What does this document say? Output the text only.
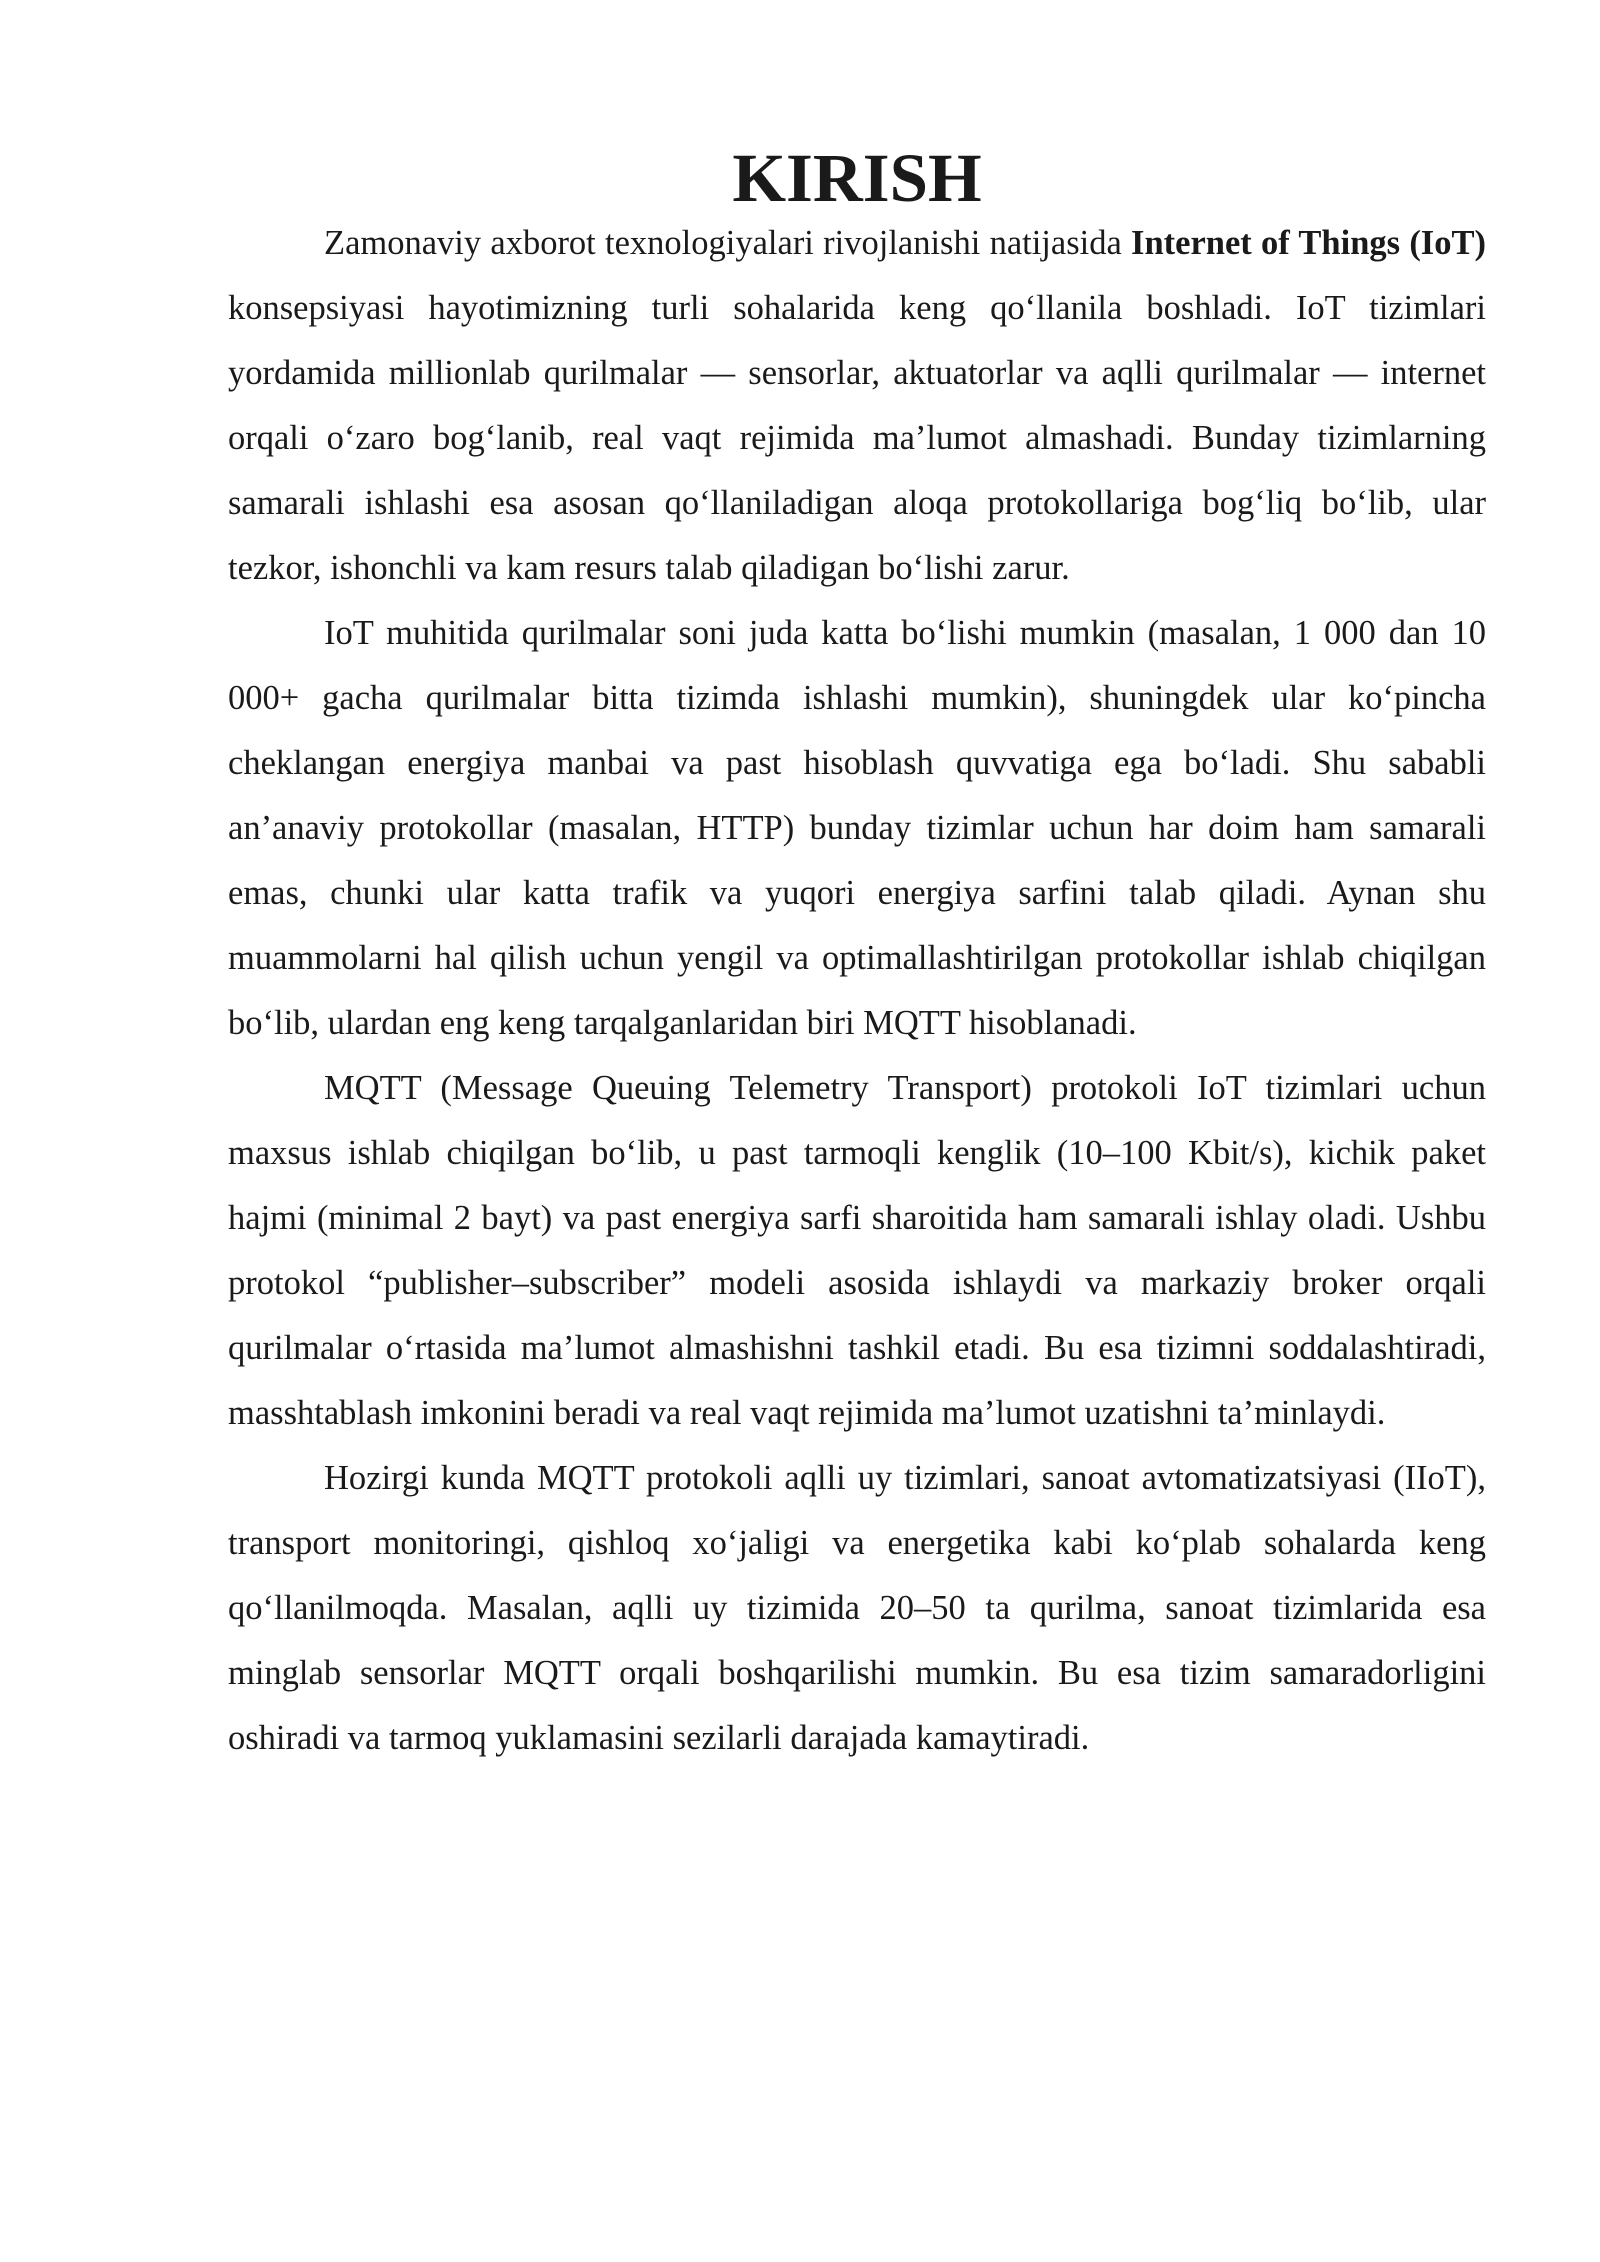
KIRISH

Zamonaviy axborot texnologiyalari rivojlanishi natijasida Internet of Things (IoT) konsepsiyasi hayotimizning turli sohalarida keng qo‘llanila boshladi. IoT tizimlari yordamida millionlab qurilmalar — sensorlar, aktuatorlar va aqlli qurilmalar — internet orqali o‘zaro bog‘lanib, real vaqt rejimida ma’lumot almashadi. Bunday tizimlarning samarali ishlashi esa asosan qo‘llaniladigan aloqa protokollariga bog‘liq bo‘lib, ular tezkor, ishonchli va kam resurs talab qiladigan bo‘lishi zarur.

IoT muhitida qurilmalar soni juda katta bo‘lishi mumkin (masalan, 1 000 dan 10 000+ gacha qurilmalar bitta tizimda ishlashi mumkin), shuningdek ular ko‘pincha cheklangan energiya manbai va past hisoblash quvvatiga ega bo‘ladi. Shu sababli an’anaviy protokollar (masalan, HTTP) bunday tizimlar uchun har doim ham samarali emas, chunki ular katta trafik va yuqori energiya sarfini talab qiladi. Aynan shu muammolarni hal qilish uchun yengil va optimallashtirilgan protokollar ishlab chiqilgan bo‘lib, ulardan eng keng tarqalganlaridan biri MQTT hisoblanadi.

MQTT (Message Queuing Telemetry Transport) protokoli IoT tizimlari uchun maxsus ishlab chiqilgan bo‘lib, u past tarmoqli kenglik (10–100 Kbit/s), kichik paket hajmi (minimal 2 bayt) va past energiya sarfi sharoitida ham samarali ishlay oladi. Ushbu protokol “publisher–subscriber” modeli asosida ishlaydi va markaziy broker orqali qurilmalar o‘rtasida ma’lumot almashishni tashkil etadi. Bu esa tizimni soddalashtiradi, masshtablash imkonini beradi va real vaqt rejimida ma’lumot uzatishni ta’minlaydi.

Hozirgi kunda MQTT protokoli aqlli uy tizimlari, sanoat avtomatizatsiyasi (IIoT), transport monitoringi, qishloq xo‘jaligi va energetika kabi ko‘plab sohalarda keng qo‘llanilmoqda. Masalan, aqlli uy tizimida 20–50 ta qurilma, sanoat tizimlarida esa minglab sensorlar MQTT orqali boshqarilishi mumkin. Bu esa tizim samaradorligini oshiradi va tarmoq yuklamasini sezilarli darajada kamaytiradi.
